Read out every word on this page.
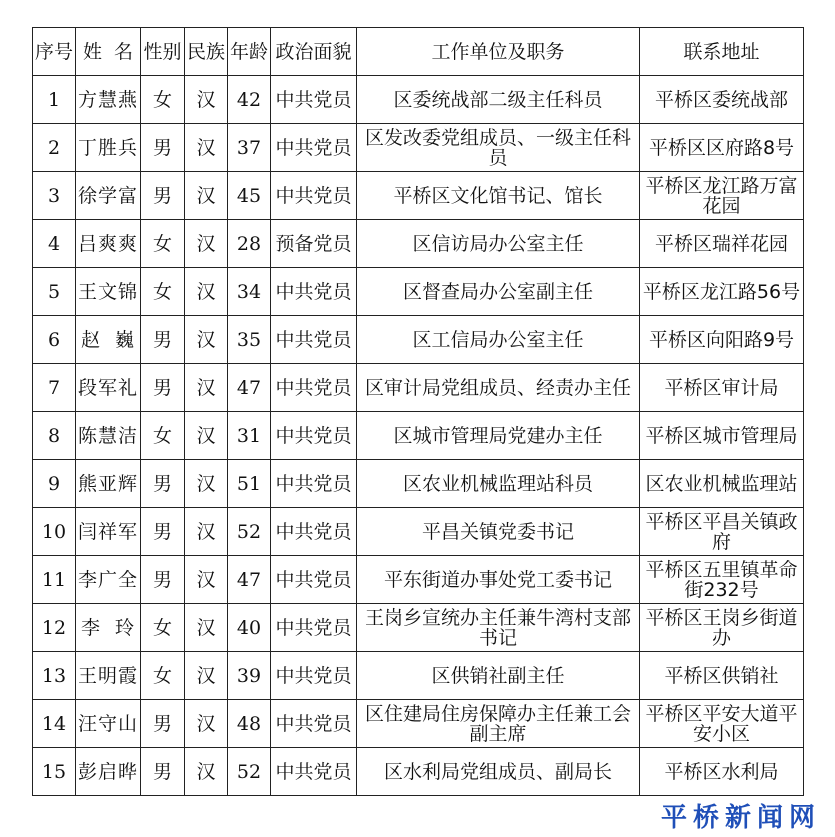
序号	姓  名	性别	民族	年龄	政治面貌	工作单位及职务	联系地址
1	方慧燕	女	汉	42	中共党员	区委统战部二级主任科员	平桥区委统战部
2	丁胜兵	男	汉	37	中共党员	区发改委党组成员、一级主任科员	平桥区区府路8号
3	徐学富	男	汉	45	中共党员	平桥区文化馆书记、馆长	平桥区龙江路万富花园
4	吕爽爽	女	汉	28	预备党员	区信访局办公室主任	平桥区瑞祥花园
5	王文锦	女	汉	34	中共党员	区督查局办公室副主任	平桥区龙江路56号
6	赵  巍	男	汉	35	中共党员	区工信局办公室主任	平桥区向阳路9号
7	段军礼	男	汉	47	中共党员	区审计局党组成员、经责办主任	平桥区审计局
8	陈慧洁	女	汉	31	中共党员	区城市管理局党建办主任	平桥区城市管理局
9	熊亚辉	男	汉	51	中共党员	区农业机械监理站科员	区农业机械监理站
10	闫祥军	男	汉	52	中共党员	平昌关镇党委书记	平桥区平昌关镇政府
11	李广全	男	汉	47	中共党员	平东街道办事处党工委书记	平桥区五里镇革命街232号
12	李  玲	女	汉	40	中共党员	王岗乡宣统办主任兼牛湾村支部书记	平桥区王岗乡街道办
13	王明霞	女	汉	39	中共党员	区供销社副主任	平桥区供销社
14	汪守山	男	汉	48	中共党员	区住建局住房保障办主任兼工会副主席	平桥区平安大道平安小区
15	彭启晔	男	汉	52	中共党员	区水利局党组成员、副局长	平桥区水利局
平桥新闻网
